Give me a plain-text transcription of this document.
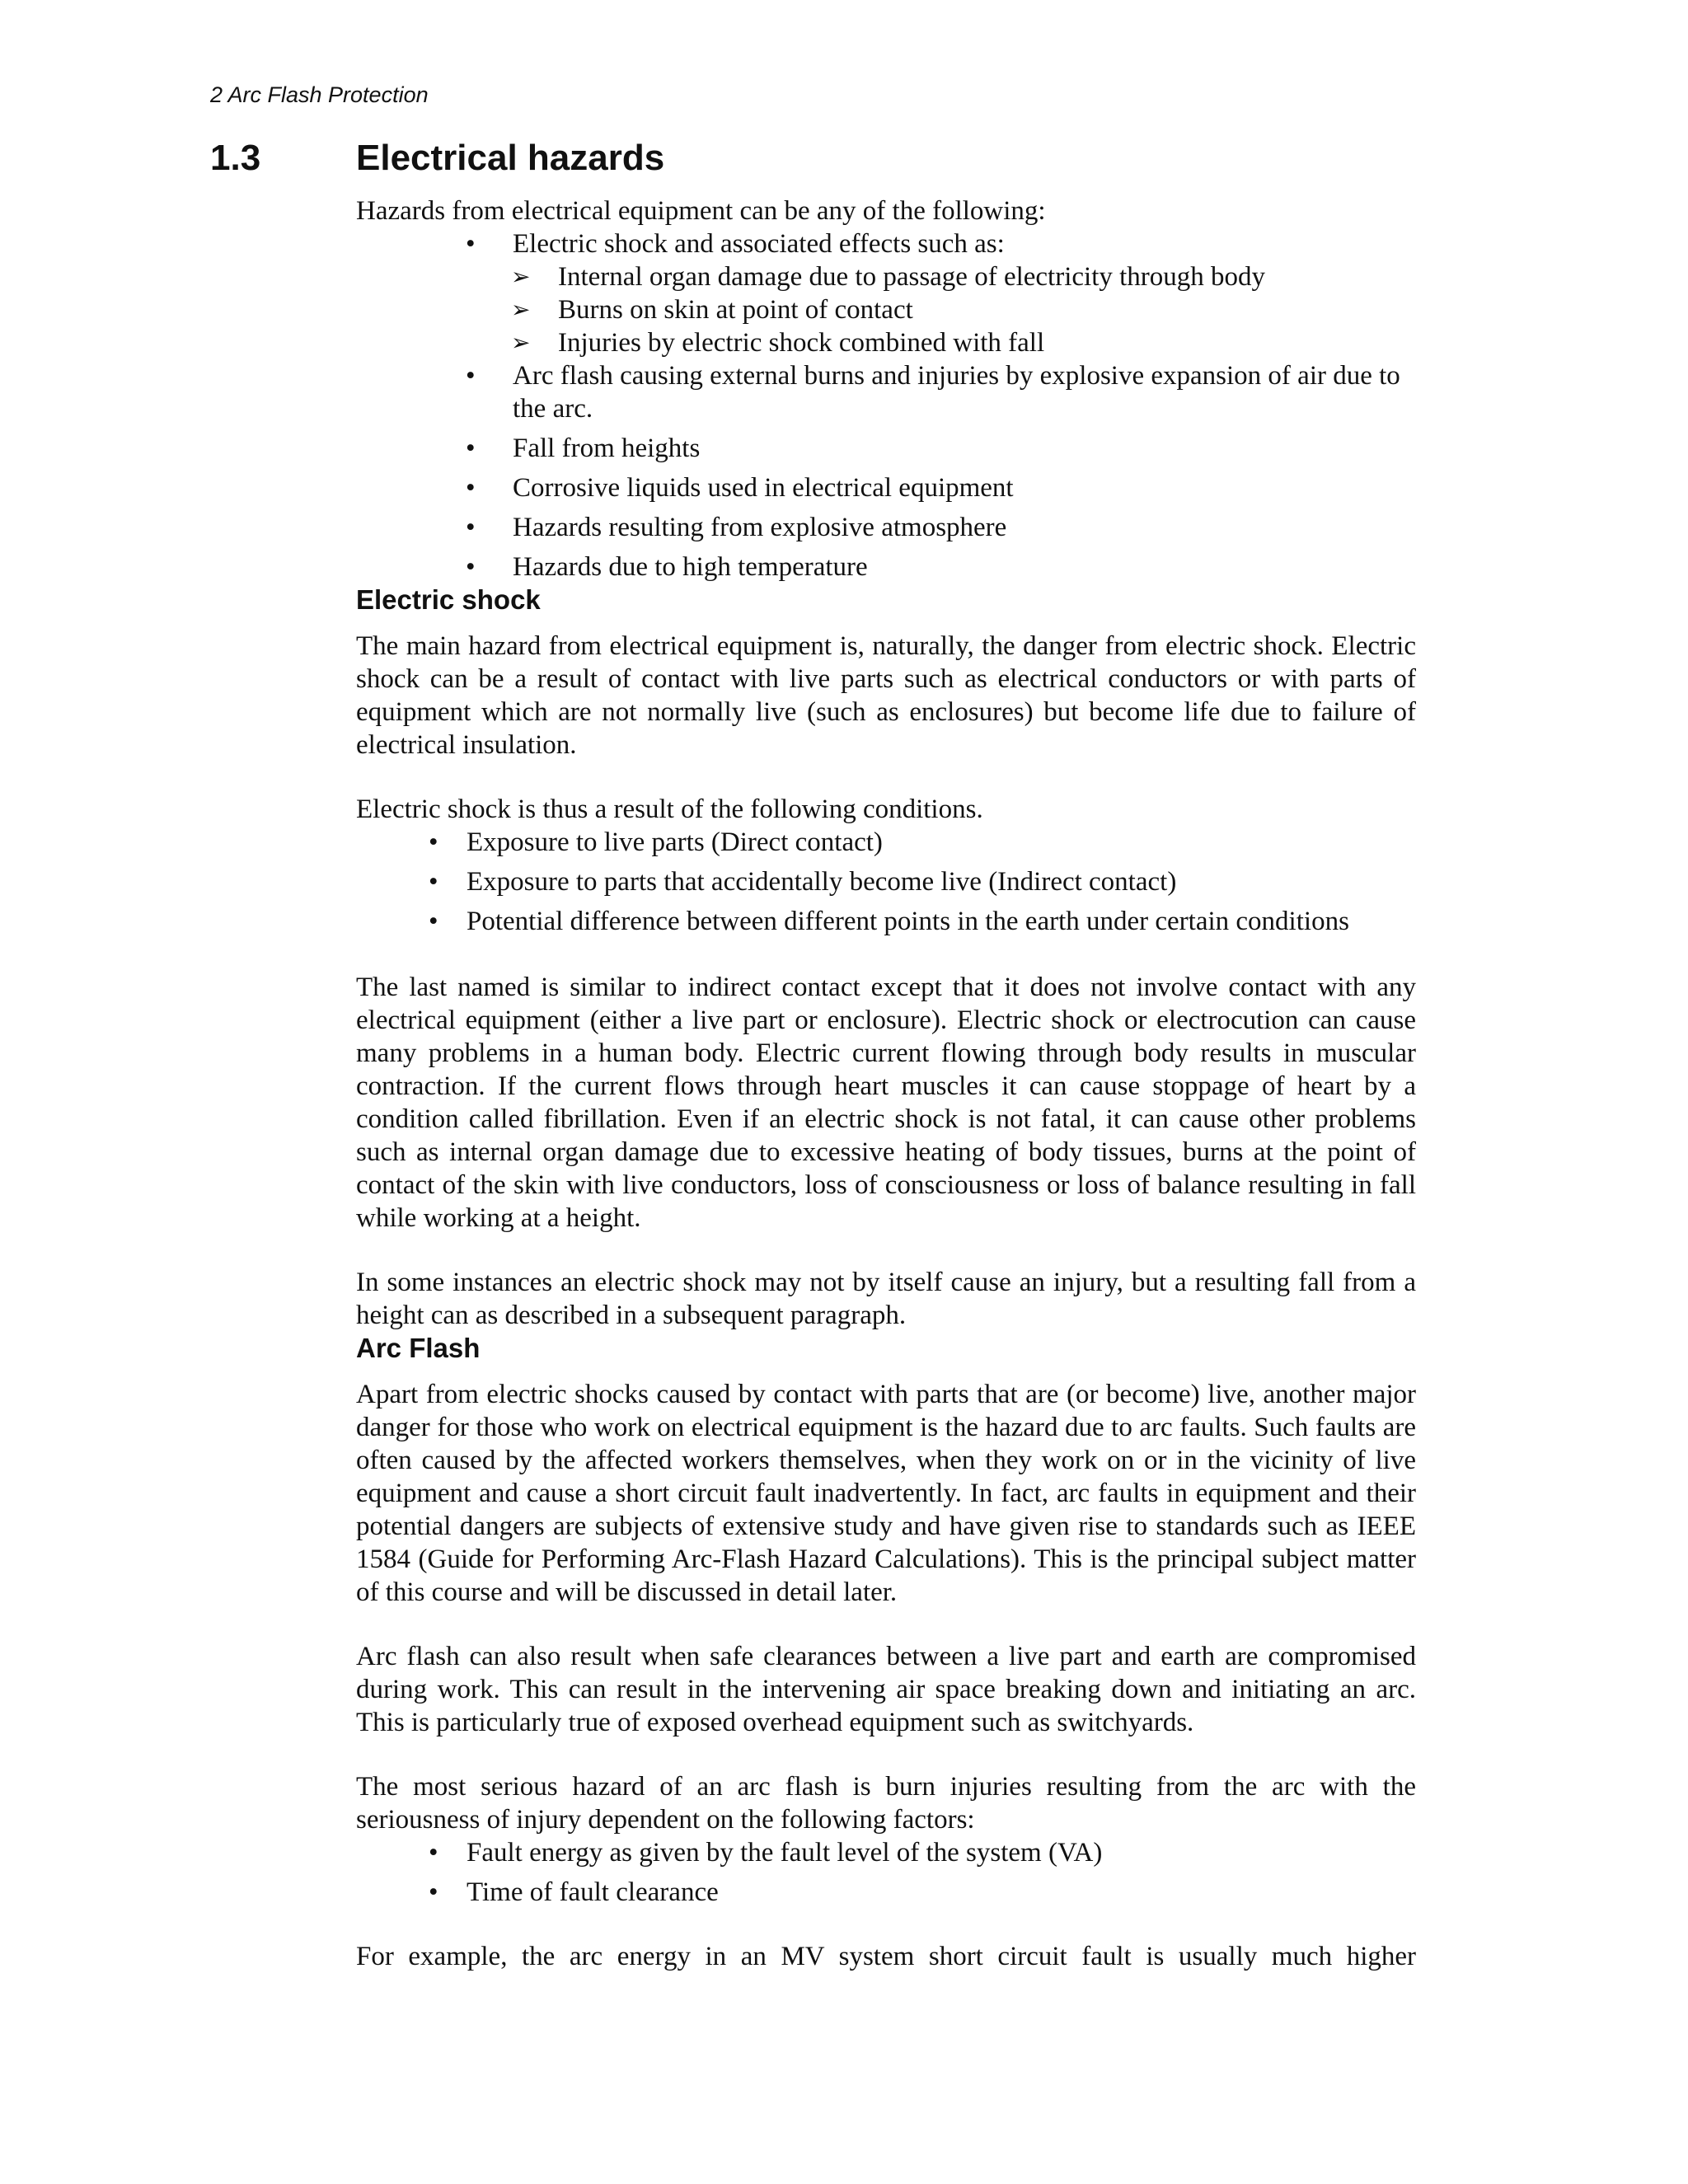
2 Arc Flash Protection
1.3	Electrical hazards

Hazards from electrical equipment can be any of the following:

• Electric shock and associated effects such as:
➢ Internal organ damage due to passage of electricity through body
➢ Burns on skin at point of contact
➢ Injuries by electric shock combined with fall
• Arc flash causing external burns and injuries by explosive expansion of air due to the arc.
• Fall from heights
• Corrosive liquids used in electrical equipment
• Hazards resulting from explosive atmosphere
• Hazards due to high temperature
Electric shock

The main hazard from electrical equipment is, naturally, the danger from electric shock. Electric shock can be a result of contact with live parts such as electrical conductors or with parts of equipment which are not normally live (such as enclosures) but become life due to failure of electrical insulation.

Electric shock is thus a result of the following conditions.

• Exposure to live parts (Direct contact)
• Exposure to parts that accidentally become live (Indirect contact)
• Potential difference between different points in the earth under certain conditions

The last named is similar to indirect contact except that it does not involve contact with any electrical equipment (either a live part or enclosure). Electric shock or electrocution can cause many problems in a human body. Electric current flowing through body results in muscular contraction. If the current flows through heart muscles it can cause stoppage of heart by a condition called fibrillation. Even if an electric shock is not fatal, it can cause other problems such as internal organ damage due to excessive heating of body tissues, burns at the point of contact of the skin with live conductors, loss of consciousness or loss of balance resulting in fall while working at a height.

In some instances an electric shock may not by itself cause an injury, but a resulting fall from a height can as described in a subsequent paragraph.

Arc Flash

Apart from electric shocks caused by contact with parts that are (or become) live, another major danger for those who work on electrical equipment is the hazard due to arc faults. Such faults are often caused by the affected workers themselves, when they work on or in the vicinity of live equipment and cause a short circuit fault inadvertently. In fact, arc faults in equipment and their potential dangers are subjects of extensive study and have given rise to standards such as IEEE 1584 (Guide for Performing Arc-Flash Hazard Calculations). This is the principal subject matter of this course and will be discussed in detail later.

Arc flash can also result when safe clearances between a live part and earth are compromised during work. This can result in the intervening air space breaking down and initiating an arc. This is particularly true of exposed overhead equipment such as switchyards.

The most serious hazard of an arc flash is burn injuries resulting from the arc with the seriousness of injury dependent on the following factors:

• Fault energy as given by the fault level of the system (VA)
• Time of fault clearance

For example, the arc energy in an MV system short circuit fault is usually much higher
